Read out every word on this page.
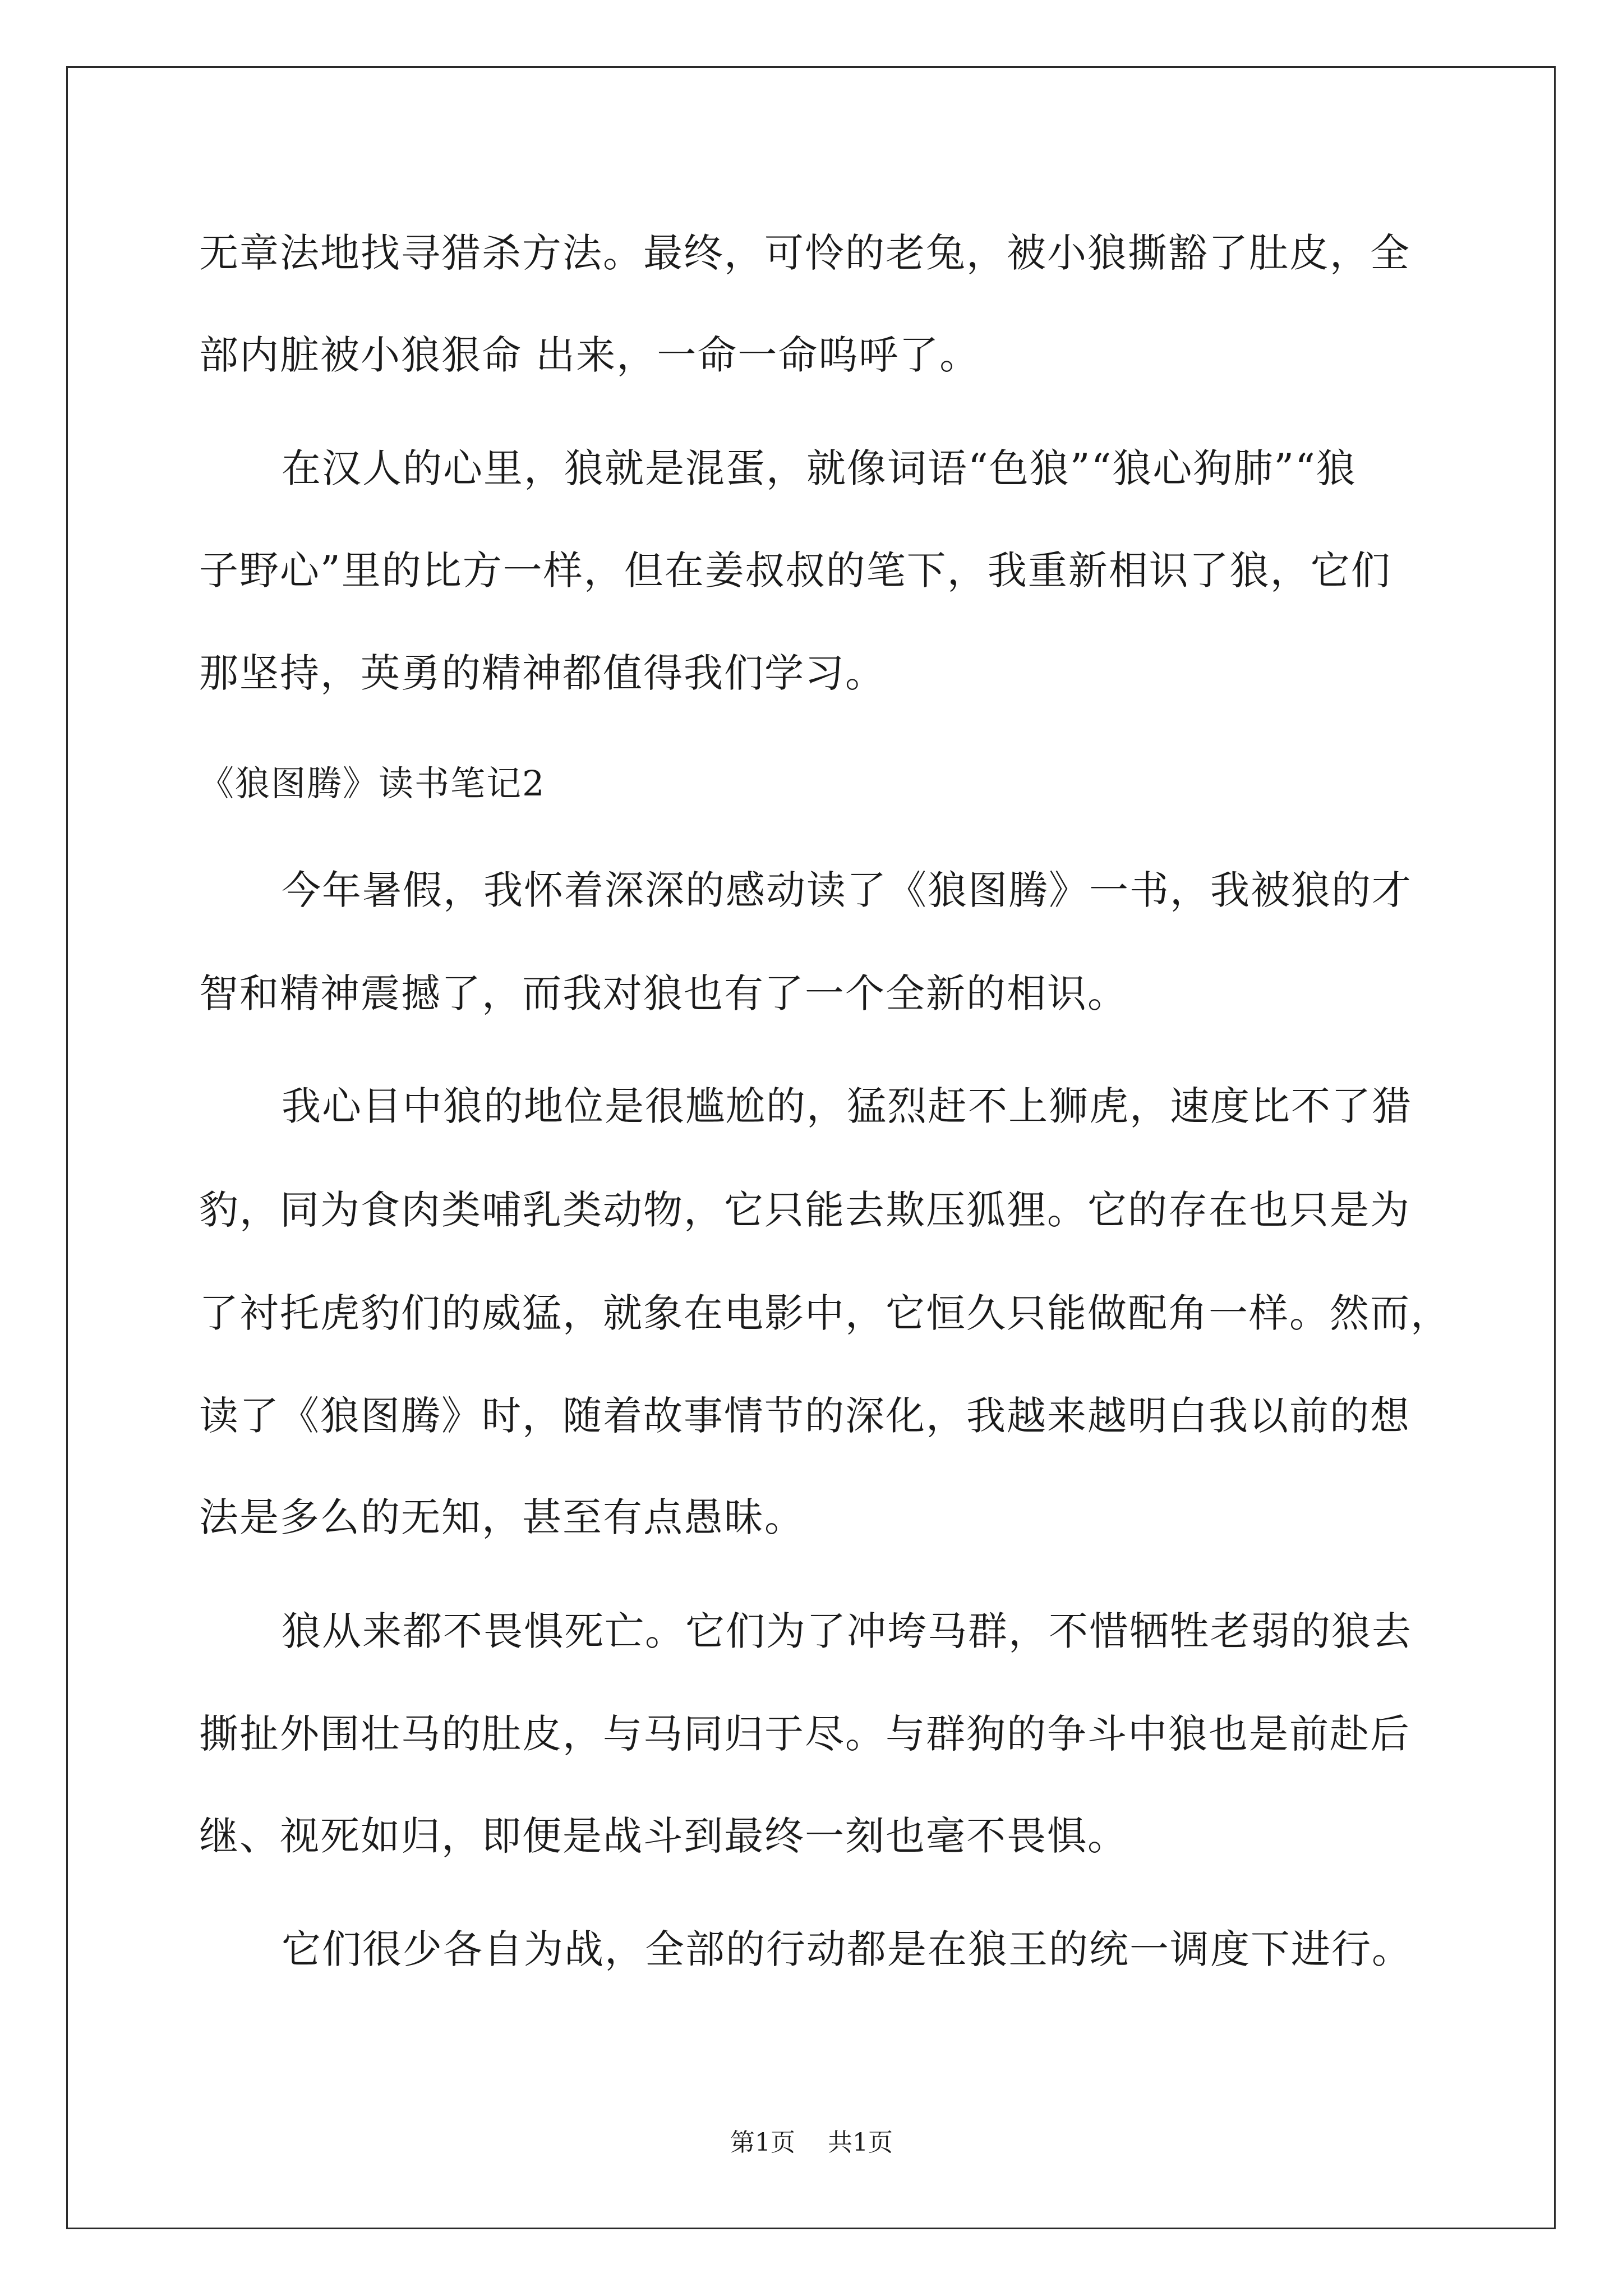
无章法地找寻猎杀方法。最终，可怜的老兔，被小狼撕豁了肚皮，全
部内脏被小狼狠命 出来，一命一命呜呼了。
在汉人的心里，狼就是混蛋，就像词语“色狼”“狼心狗肺”“狼
子野心”里的比方一样，但在姜叔叔的笔下，我重新相识了狼，它们
那坚持，英勇的精神都值得我们学习。
《狼图腾》读书笔记2
今年暑假，我怀着深深的感动读了《狼图腾》一书，我被狼的才
智和精神震撼了，而我对狼也有了一个全新的相识。
我心目中狼的地位是很尴尬的，猛烈赶不上狮虎，速度比不了猎
豹，同为食肉类哺乳类动物，它只能去欺压狐狸。它的存在也只是为
了衬托虎豹们的威猛，就象在电影中，它恒久只能做配角一样。然而，
读了《狼图腾》时，随着故事情节的深化，我越来越明白我以前的想
法是多么的无知，甚至有点愚昧。
狼从来都不畏惧死亡。它们为了冲垮马群，不惜牺牲老弱的狼去
撕扯外围壮马的肚皮，与马同归于尽。与群狗的争斗中狼也是前赴后
继、视死如归，即便是战斗到最终一刻也毫不畏惧。
它们很少各自为战，全部的行动都是在狼王的统一调度下进行。
第1页 共1页
